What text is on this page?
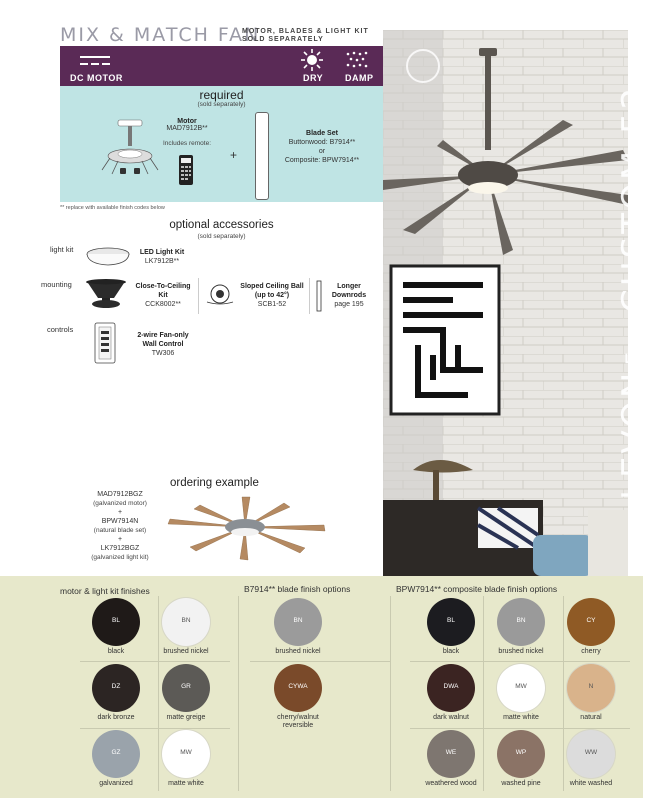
MIX & MATCH FAN
MOTOR, BLADES & LIGHT KIT
SOLD SEPARATELY
DC MOTOR	DRY DAMP
required
(sold separately)
Motor
MAD7912B**
Includes remote:
+
Blade Set
Buttonwood: B7914**
or
Composite: BPW7914**
** replace with available finish codes below
optional accessories
(sold separately)
light kit
mounting
controls
LED Light Kit
LK7912B**
Close-To-Ceiling
Kit
CCK8002**
Sloped Ceiling Ball
(up to 42°)
SCB1-52
Longer
Downrods
page 195
2-wire Fan-only
Wall Control
TW306
ordering example
MAD7912BGZ
(galvanized motor)
+
BPW7914N
(natural blade set)
+
LK7912BGZ
(galvanized light kit)
LEVON™ CUSTOM 52
motor & light kit finishes	B7914** blade finish options	BPW7914** composite blade finish options
BL
black
BN
brushed nickel
DZ
dark bronze
GR
matte greige
GZ
galvanized
MW
matte white
BN
brushed nickel
CYWA
cherry/walnut
reversible
BL
black
BN
brushed nickel
CY
cherry
DWA
dark walnut
MW
matte white
N
natural
WE
weathered wood
WP
washed pine
WW
white washed
